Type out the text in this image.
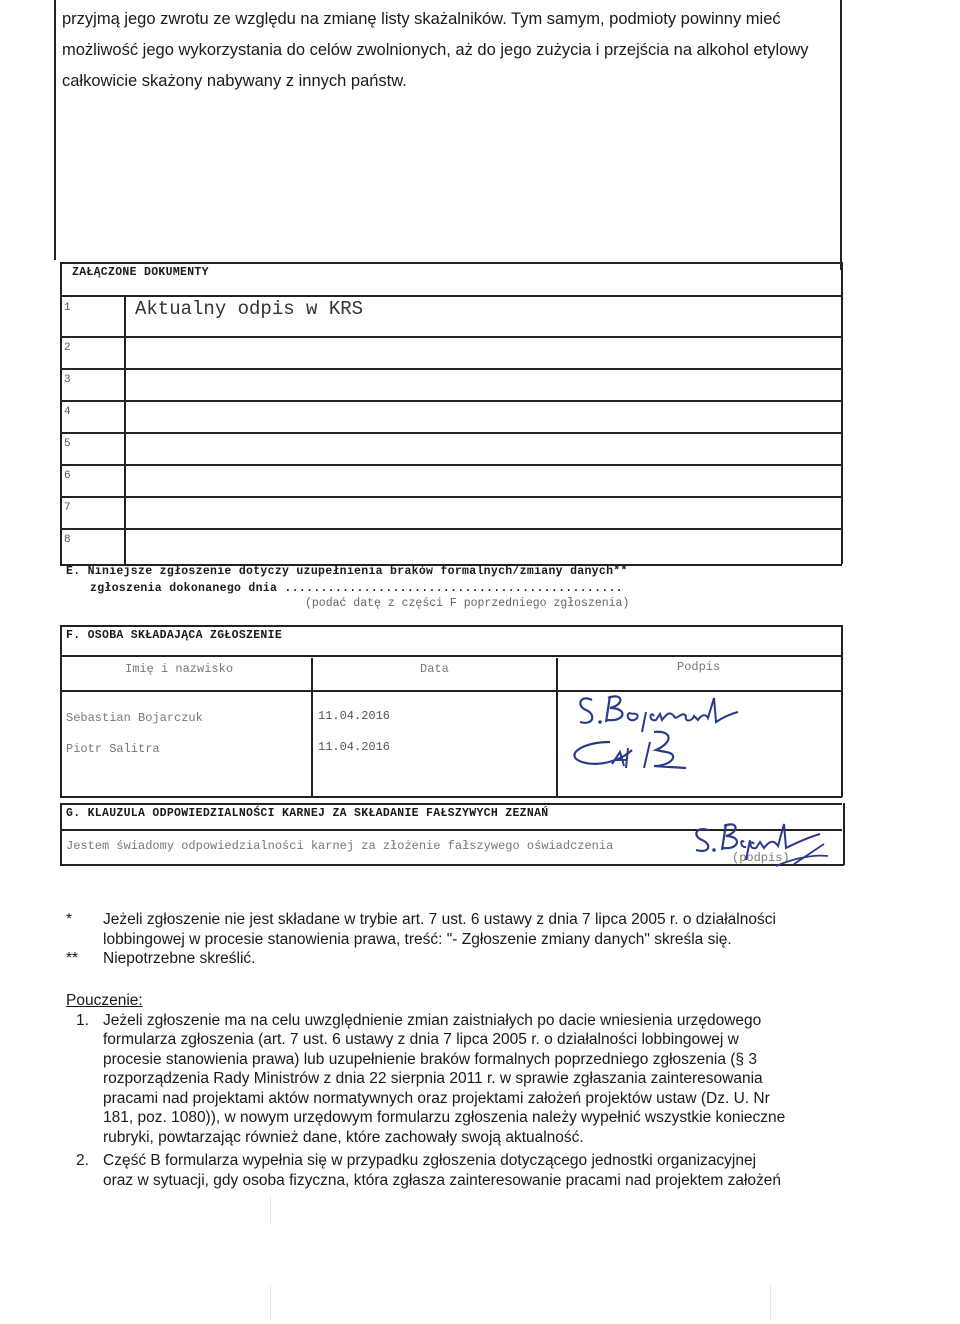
przyjmą jego zwrotu ze względu na zmianę listy skażalników. Tym samym, podmioty powinny mieć
możliwość jego wykorzystania do celów zwolnionych, aż do jego zużycia i przejścia na alkohol etylowy
całkowicie skażony nabywany z innych państw.
ZAŁĄCZONE DOKUMENTY
1	Aktualny odpis w KRS
2
3
4
5
6
7
8
E. Niniejsze zgłoszenie dotyczy uzupełnienia braków formalnych/zmiany danych**
zgłoszenia dokonanego dnia ...............................................
(podać datę z części F poprzedniego zgłoszenia)
F. OSOBA SKŁADAJĄCA ZGŁOSZENIE
Imię i nazwisko	Data	Podpis
Sebastian Bojarczuk	11.04.2016
Piotr Salitra	11.04.2016
G. KLAUZULA ODPOWIEDZIALNOŚCI KARNEJ ZA SKŁADANIE FAŁSZYWYCH ZEZNAŃ
Jestem świadomy odpowiedzialności karnej za złożenie fałszywego oświadczenia
(podpis)
* Jeżeli zgłoszenie nie jest składane w trybie art. 7 ust. 6 ustawy z dnia 7 lipca 2005 r. o działalności
lobbingowej w procesie stanowienia prawa, treść: "- Zgłoszenie zmiany danych" skreśla się.
** Niepotrzebne skreślić.
Pouczenie:
1. Jeżeli zgłoszenie ma na celu uwzględnienie zmian zaistniałych po dacie wniesienia urzędowego
formularza zgłoszenia (art. 7 ust. 6 ustawy z dnia 7 lipca 2005 r. o działalności lobbingowej w
procesie stanowienia prawa) lub uzupełnienie braków formalnych poprzedniego zgłoszenia (§ 3
rozporządzenia Rady Ministrów z dnia 22 sierpnia 2011 r. w sprawie zgłaszania zainteresowania
pracami nad projektami aktów normatywnych oraz projektami założeń projektów ustaw (Dz. U. Nr
181, poz. 1080)), w nowym urzędowym formularzu zgłoszenia należy wypełnić wszystkie konieczne
rubryki, powtarzając również dane, które zachowały swoją aktualność.
2. Część B formularza wypełnia się w przypadku zgłoszenia dotyczącego jednostki organizacyjnej
oraz w sytuacji, gdy osoba fizyczna, która zgłasza zainteresowanie pracami nad projektem założeń
